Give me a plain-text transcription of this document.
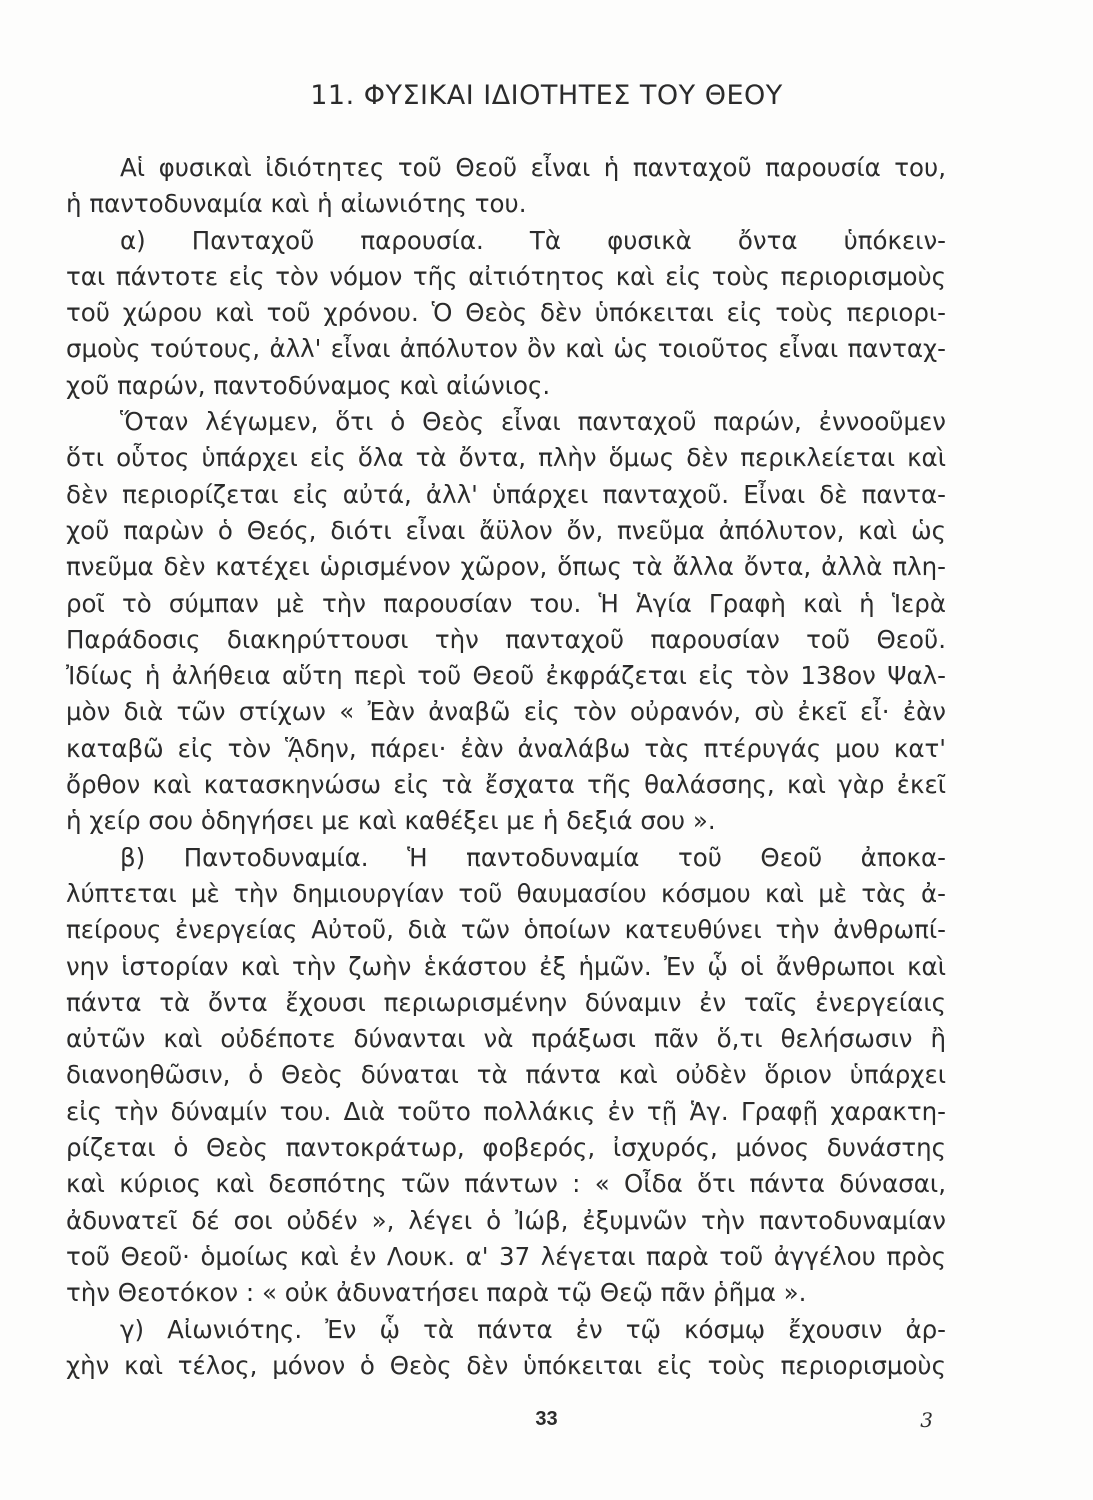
11. ΦΥΣΙΚΑΙ ΙΔΙΟΤΗΤΕΣ ΤΟΥ ΘΕΟΥ
Αἱ φυσικαὶ ἰδιότητες τοῦ Θεοῦ εἶναι ἡ πανταχοῦ παρουσία του,
ἡ παντοδυναμία καὶ ἡ αἰωνιότης του.
α) Πανταχοῦ παρουσία. Τὰ φυσικὰ ὄντα ὑπόκειν-
ται πάντοτε εἰς τὸν νόμον τῆς αἰτιότητος καὶ εἰς τοὺς περιορισμοὺς
τοῦ χώρου καὶ τοῦ χρόνου. Ὁ Θεὸς δὲν ὑπόκειται εἰς τοὺς περιορι-
σμοὺς τούτους, ἀλλ' εἶναι ἀπόλυτον ὂν καὶ ὡς τοιοῦτος εἶναι πανταχ-
χοῦ παρών, παντοδύναμος καὶ αἰώνιος.
Ὅταν λέγωμεν, ὅτι ὁ Θεὸς εἶναι πανταχοῦ παρών, ἐννοοῦμεν
ὅτι οὗτος ὑπάρχει εἰς ὅλα τὰ ὄντα, πλὴν ὅμως δὲν περικλείεται καὶ
δὲν περιορίζεται εἰς αὐτά, ἀλλ' ὑπάρχει πανταχοῦ. Εἶναι δὲ παντα-
χοῦ παρὼν ὁ Θεός, διότι εἶναι ἄϋλον ὄν, πνεῦμα ἀπόλυτον, καὶ ὡς
πνεῦμα δὲν κατέχει ὡρισμένον χῶρον, ὅπως τὰ ἄλλα ὄντα, ἀλλὰ πλη-
ροῖ τὸ σύμπαν μὲ τὴν παρουσίαν του. Ἡ Ἁγία Γραφὴ καὶ ἡ Ἱερὰ
Παράδοσις διακηρύττουσι τὴν πανταχοῦ παρουσίαν τοῦ Θεοῦ.
Ἰδίως ἡ ἀλήθεια αὕτη περὶ τοῦ Θεοῦ ἐκφράζεται εἰς τὸν 138ον Ψαλ-
μὸν διὰ τῶν στίχων « Ἐὰν ἀναβῶ εἰς τὸν οὐρανόν, σὺ ἐκεῖ εἶ· ἐὰν
καταβῶ εἰς τὸν ᾍδην, πάρει· ἐὰν ἀναλάβω τὰς πτέρυγάς μου κατ'
ὄρθον καὶ κατασκηνώσω εἰς τὰ ἔσχατα τῆς θαλάσσης, καὶ γὰρ ἐκεῖ
ἡ χείρ σου ὁδηγήσει με καὶ καθέξει με ἡ δεξιά σου ».
β) Παντοδυναμία. Ἡ παντοδυναμία τοῦ Θεοῦ ἀποκα-
λύπτεται μὲ τὴν δημιουργίαν τοῦ θαυμασίου κόσμου καὶ μὲ τὰς ἀ-
πείρους ἐνεργείας Αὐτοῦ, διὰ τῶν ὁποίων κατευθύνει τὴν ἀνθρωπί-
νην ἱστορίαν καὶ τὴν ζωὴν ἑκάστου ἐξ ἡμῶν. Ἐν ᾧ οἱ ἄνθρωποι καὶ
πάντα τὰ ὄντα ἔχουσι περιωρισμένην δύναμιν ἐν ταῖς ἐνεργείαις
αὐτῶν καὶ οὐδέποτε δύνανται νὰ πράξωσι πᾶν ὅ,τι θελήσωσιν ἢ
διανοηθῶσιν, ὁ Θεὸς δύναται τὰ πάντα καὶ οὐδὲν ὅριον ὑπάρχει
εἰς τὴν δύναμίν του. Διὰ τοῦτο πολλάκις ἐν τῇ Ἁγ. Γραφῇ χαρακτη-
ρίζεται ὁ Θεὸς παντοκράτωρ, φοβερός, ἰσχυρός, μόνος δυνάστης
καὶ κύριος καὶ δεσπότης τῶν πάντων : « Οἶδα ὅτι πάντα δύνασαι,
ἀδυνατεῖ δέ σοι οὐδέν », λέγει ὁ Ἰώβ, ἐξυμνῶν τὴν παντοδυναμίαν
τοῦ Θεοῦ· ὁμοίως καὶ ἐν Λουκ. α' 37 λέγεται παρὰ τοῦ ἀγγέλου πρὸς
τὴν Θεοτόκον : « οὐκ ἀδυνατήσει παρὰ τῷ Θεῷ πᾶν ῥῆμα ».
γ) Αἰωνιότης. Ἐν ᾧ τὰ πάντα ἐν τῷ κόσμῳ ἔχουσιν ἀρ-
χὴν καὶ τέλος, μόνον ὁ Θεὸς δὲν ὑπόκειται εἰς τοὺς περιορισμοὺς
33	3
